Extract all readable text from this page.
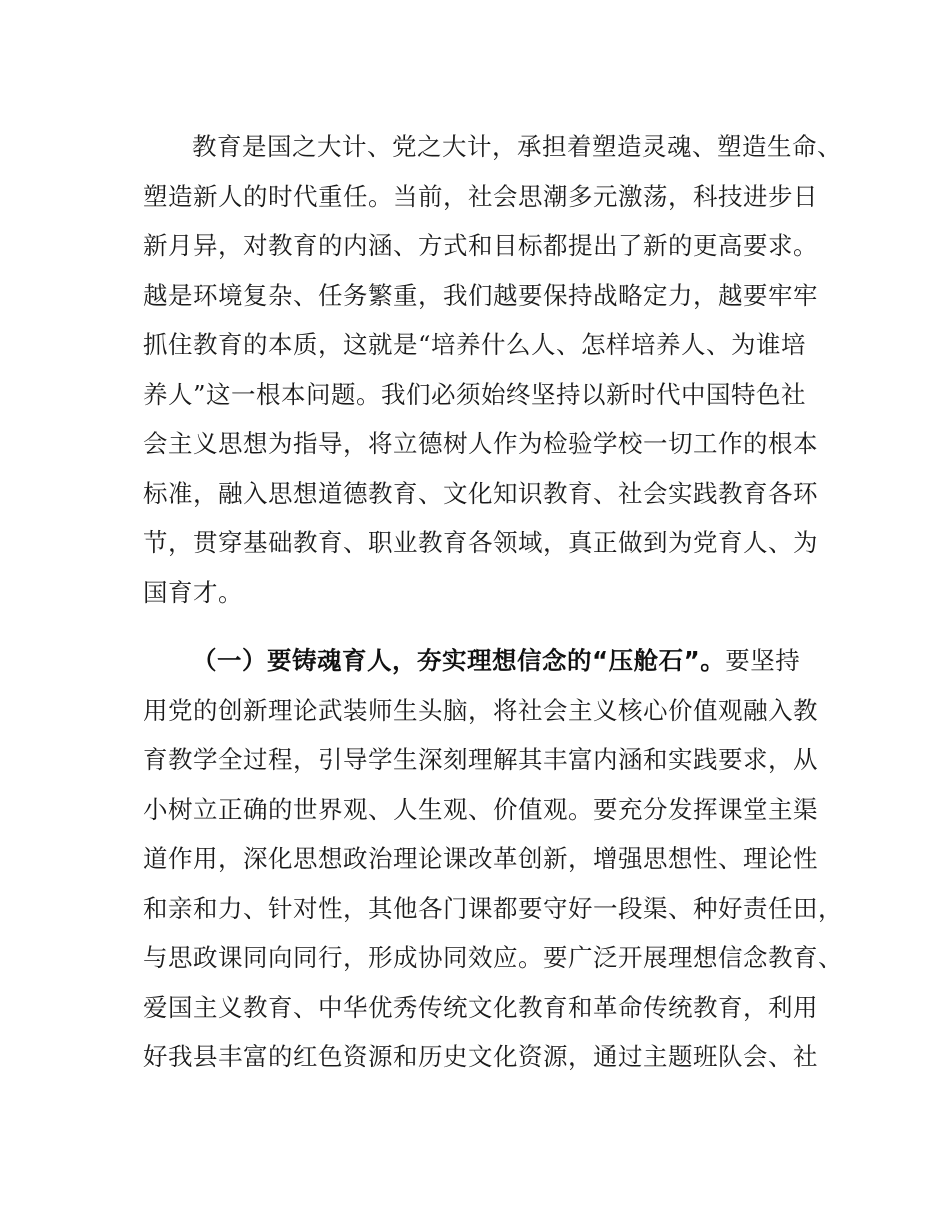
教育是国之大计、党之大计，承担着塑造灵魂、塑造生命、
塑造新人的时代重任。当前，社会思潮多元激荡，科技进步日
新月异，对教育的内涵、方式和目标都提出了新的更高要求。
越是环境复杂、任务繁重，我们越要保持战略定力，越要牢牢
抓住教育的本质，这就是“培养什么人、怎样培养人、为谁培
养人”这一根本问题。我们必须始终坚持以新时代中国特色社
会主义思想为指导，将立德树人作为检验学校一切工作的根本
标准，融入思想道德教育、文化知识教育、社会实践教育各环
节，贯穿基础教育、职业教育各领域，真正做到为党育人、为
国育才。

（一）要铸魂育人，夯实理想信念的“压舱石”。要坚持
用党的创新理论武装师生头脑，将社会主义核心价值观融入教
育教学全过程，引导学生深刻理解其丰富内涵和实践要求，从
小树立正确的世界观、人生观、价值观。要充分发挥课堂主渠
道作用，深化思想政治理论课改革创新，增强思想性、理论性
和亲和力、针对性，其他各门课都要守好一段渠、种好责任田，
与思政课同向同行，形成协同效应。要广泛开展理想信念教育、
爱国主义教育、中华优秀传统文化教育和革命传统教育，利用
好我县丰富的红色资源和历史文化资源，通过主题班队会、社
